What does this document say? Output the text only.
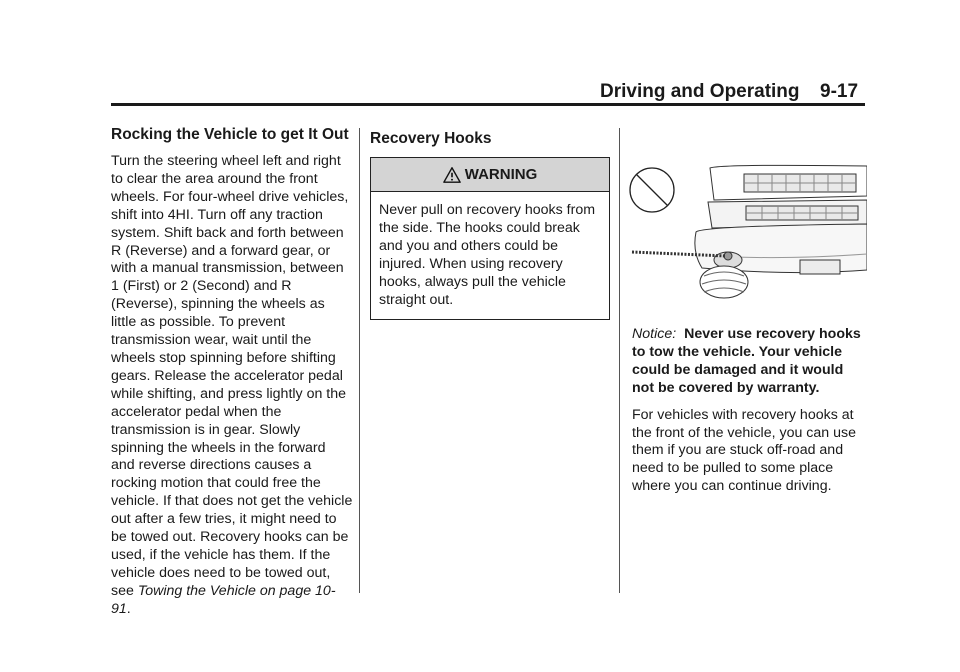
Driving and Operating 9-17
Rocking the Vehicle to get It Out

Turn the steering wheel left and right to clear the area around the front wheels. For four-wheel drive vehicles, shift into 4HI. Turn off any traction system. Shift back and forth between R (Reverse) and a forward gear, or with a manual transmission, between 1 (First) or 2 (Second) and R (Reverse), spinning the wheels as little as possible. To prevent transmission wear, wait until the wheels stop spinning before shifting gears. Release the accelerator pedal while shifting, and press lightly on the accelerator pedal when the transmission is in gear. Slowly spinning the wheels in the forward and reverse directions causes a rocking motion that could free the vehicle. If that does not get the vehicle out after a few tries, it might need to be towed out. Recovery hooks can be used, if the vehicle has them. If the vehicle does need to be towed out, see Towing the Vehicle on page 10-91.

Recovery Hooks
WARNING

Never pull on recovery hooks from the side. The hooks could break and you and others could be injured. When using recovery hooks, always pull the vehicle straight out.

Notice: Never use recovery hooks to tow the vehicle. Your vehicle could be damaged and it would not be covered by warranty.

For vehicles with recovery hooks at the front of the vehicle, you can use them if you are stuck off-road and need to be pulled to some place where you can continue driving.
